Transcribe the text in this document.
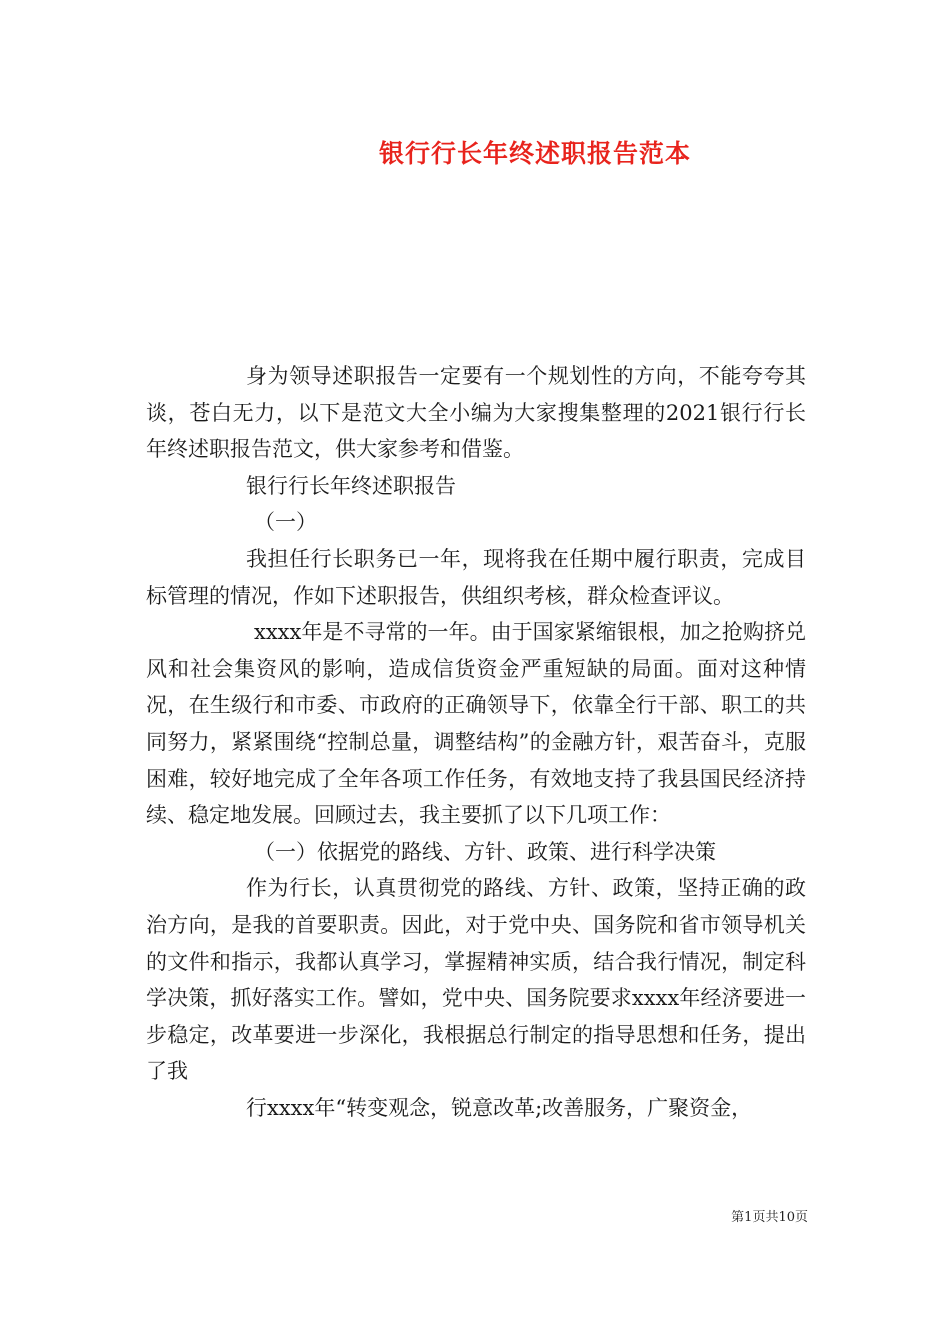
银行行长年终述职报告范本

身为领导述职报告一定要有一个规划性的方向，不能夸夸其谈，苍白无力，以下是范文大全小编为大家搜集整理的2021银行行长年终述职报告范文，供大家参考和借鉴。

银行行长年终述职报告

（一）

我担任行长职务已一年，现将我在任期中履行职责，完成目标管理的情况，作如下述职报告，供组织考核，群众检查评议。

xxxx年是不寻常的一年。由于国家紧缩银根，加之抢购挤兑风和社会集资风的影响，造成信货资金严重短缺的局面。面对这种情况，在生级行和市委、市政府的正确领导下，依靠全行干部、职工的共同努力，紧紧围绕“控制总量，调整结构”的金融方针，艰苦奋斗，克服困难，较好地完成了全年各项工作任务，有效地支持了我县国民经济持续、稳定地发展。回顾过去，我主要抓了以下几项工作：

（一）依据党的路线、方针、政策、进行科学决策

作为行长，认真贯彻党的路线、方针、政策，坚持正确的政治方向，是我的首要职责。因此，对于党中央、国务院和省市领导机关的文件和指示，我都认真学习，掌握精神实质，结合我行情况，制定科学决策，抓好落实工作。譬如，党中央、国务院要求xxxx年经济要进一步稳定，改革要进一步深化，我根据总行制定的指导思想和任务，提出了我

行xxxx年“转变观念，锐意改革;改善服务，广聚资金，

第1页共10页
